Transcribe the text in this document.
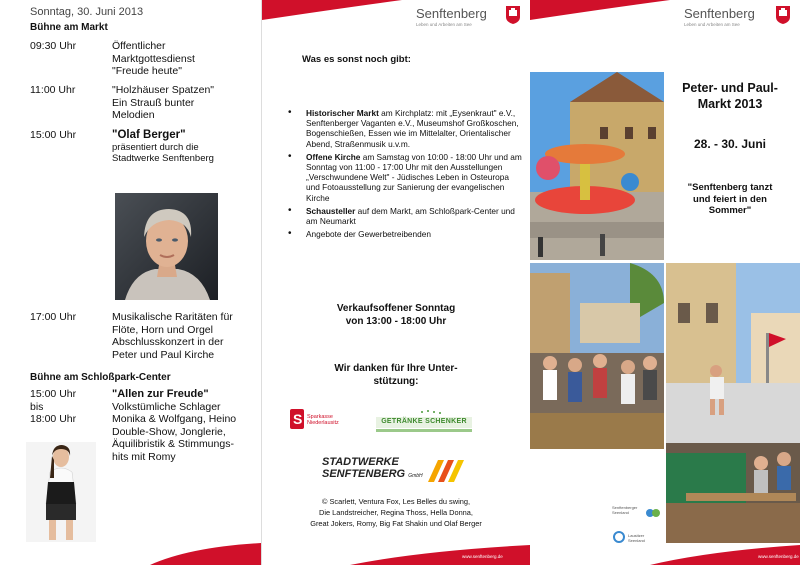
Sonntag, 30. Juni 2013
Bühne am Markt
09:30 Uhr	Öffentlicher
Marktgottesdienst
"Freude heute"
11:00 Uhr	"Holzhäuser Spatzen"
Ein Strauß bunter
Melodien
15:00 Uhr	"Olaf Berger"
präsentiert durch die
Stadtwerke Senftenberg
17:00 Uhr	Musikalische Raritäten für
Flöte, Horn und Orgel
Abschlusskonzert in der
Peter und Paul Kirche
Bühne am Schloßpark-Center
15:00 Uhr
bis
18:00 Uhr
"Allen zur Freude"
Volkstümliche Schlager
Monika & Wolfgang, Heino
Double-Show, Jonglerie,
Äquilibristik & Stimmungs-
hits mit Romy
Senftenberg
Leben und Arbeiten am See
Was es sonst noch gibt:
• Historischer Markt am Kirchplatz: mit „Eysenkraut" e.V., Senftenberger Vaganten e.V., Museumshof Großkoschen, Bogenschießen, Essen wie im Mittelalter, Orientalischer Abend, Straßenmusik u.v.m.
• Offene Kirche am Samstag von 10:00 - 18:00 Uhr und am Sonntag von 11:00 - 17:00 Uhr mit den Ausstellungen „Verschwundene Welt" - Jüdisches Leben in Osteuropa und Fotoausstellung zur Sanierung der evangelischen Kirche
• Schausteller auf dem Markt, am Schloßpark-Center und am Neumarkt
• Angebote der Gewerbetreibenden
Verkaufsoffener Sonntag
von 13:00 - 18:00 Uhr
Wir danken für Ihre Unter-
stützung:
S Sparkasse Niederlausitz	GETRÄNKE SCHENKER
STADTWERKE
SENFTENBERG GmbH
© Scarlett, Ventura Fox, Les Belles du swing,
Die Landstreicher, Regina Thoss, Hella Donna,
Great Jokers, Romy, Big Fat Shakin und Olaf Berger
www.senftenberg.de
Senftenberg
Leben und Arbeiten am See
Peter- und Paul-
Markt 2013
28. - 30. Juni
"Senftenberg tanzt
und feiert in den
Sommer"
Senftenberger Seenland
Lausitzer Seenland
www.senftenberg.de
